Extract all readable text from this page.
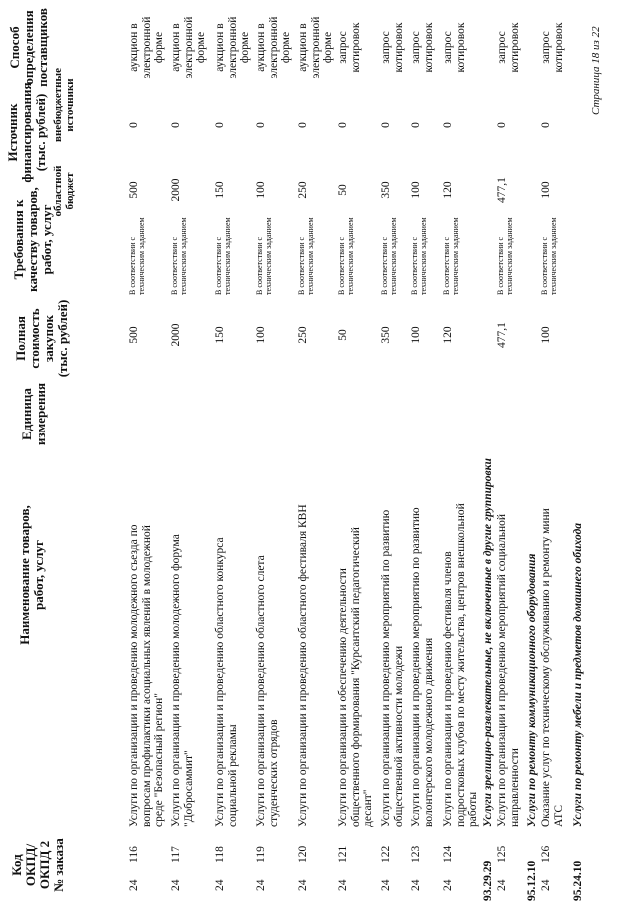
Код ОКПД/ ОКПД 2 № заказа
Наименование товаров, работ, услуг
Единица измерения
Полная стоимость закупок (тыс. рублей)
Требования к качеству товаров, работ, услуг
Источник финансирования (тыс. рублей)
областной бюджет
внебюджетные источники
Способ определения поставщиков
24
116
Услуги по организации и проведению молодежного съезда по вопросам профилактики асоциальных явлений в молодежной среде "Безопасный регион"
500
В соответствии с техническим заданием
500
0
аукцион в электронной форме
24
117
Услуги по организации и проведению молодежного форума "Добросаммит"
2000
В соответствии с техническим заданием
2000
0
аукцион в электронной форме
24
118
Услуги по организации и проведению областного конкурса социальной рекламы
150
В соответствии с техническим заданием
150
0
аукцион в электронной форме
24
119
Услуги по организации и проведению областного слета студенческих отрядов
100
В соответствии с техническим заданием
100
0
аукцион в электронной форме
24
120
Услуги по организации и проведению областного фестиваля КВН
250
В соответствии с техническим заданием
250
0
аукцион в электронной форме
24
121
Услуги по организации и обеспечению деятельности общественного формирования "Курсантский педагогический десант"
50
В соответствии с техническим заданием
50
0
запрос котировок
24
122
Услуги по организации и проведению мероприятий по развитию общественной активности молодежи
350
В соответствии с техническим заданием
350
0
запрос котировок
24
123
Услуги по организации и проведению мероприятию по развитию волонтерского молодежного движения
100
В соответствии с техническим заданием
100
0
запрос котировок
24
124
Услуги по организации и проведению фестиваля членов подростковых клубов по месту жительства, центров внешкольной работы
120
В соответствии с техническим заданием
120
0
запрос котировок
93.29.29
Услуги зрелищно-развлекательные, не включенные в другие группировки
24
125
Услуги по организации и проведению мероприятий социальной направленности
477,1
В соответствии с техническим заданием
477,1
0
запрос котировок
95.12.10
Услуги по ремонту коммуникационного оборудования
24
126
Оказание услуг по техническому обслуживанию и ремонту мини АТС
100
В соответствии с техническим заданием
100
0
запрос котировок
95.24.10
Услуги по ремонту мебели и предметов домашнего обихода
Страница 18 из 22
